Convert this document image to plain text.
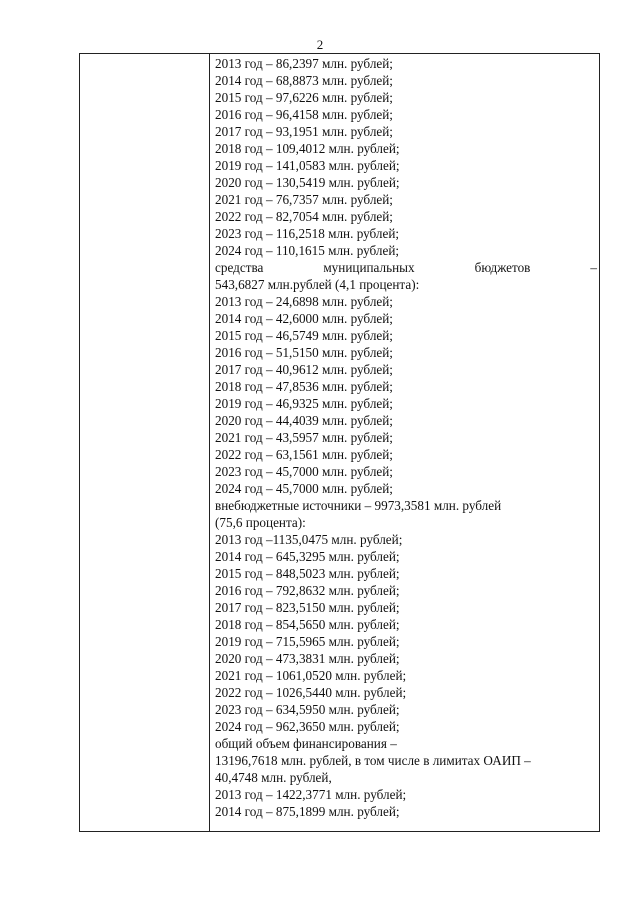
2
2013 год – 86,2397 млн. рублей;
2014 год – 68,8873 млн. рублей;
2015 год – 97,6226 млн. рублей;
2016 год – 96,4158 млн. рублей;
2017 год – 93,1951 млн. рублей;
2018 год – 109,4012 млн. рублей;
2019 год – 141,0583 млн. рублей;
2020 год – 130,5419 млн. рублей;
2021 год – 76,7357 млн. рублей;
2022 год – 82,7054 млн. рублей;
2023 год – 116,2518 млн. рублей;
2024 год – 110,1615 млн. рублей;
средства	муниципальных	бюджетов	–
543,6827 млн.рублей (4,1 процента):
2013 год – 24,6898 млн. рублей;
2014 год – 42,6000 млн. рублей;
2015 год – 46,5749 млн. рублей;
2016 год – 51,5150 млн. рублей;
2017 год – 40,9612 млн. рублей;
2018 год – 47,8536 млн. рублей;
2019 год – 46,9325 млн. рублей;
2020 год – 44,4039 млн. рублей;
2021 год – 43,5957 млн. рублей;
2022 год – 63,1561 млн. рублей;
2023 год – 45,7000 млн. рублей;
2024 год – 45,7000 млн. рублей;
внебюджетные источники – 9973,3581 млн. рублей
(75,6 процента):
2013 год –1135,0475 млн. рублей;
2014 год – 645,3295 млн. рублей;
2015 год – 848,5023 млн. рублей;
2016 год – 792,8632 млн. рублей;
2017 год – 823,5150 млн. рублей;
2018 год – 854,5650 млн. рублей;
2019 год – 715,5965 млн. рублей;
2020 год – 473,3831 млн. рублей;
2021 год – 1061,0520 млн. рублей;
2022 год – 1026,5440 млн. рублей;
2023 год – 634,5950 млн. рублей;
2024 год – 962,3650 млн. рублей;
общий объем финансирования –
13196,7618 млн. рублей, в том числе в лимитах ОАИП –
40,4748 млн. рублей,
2013 год – 1422,3771 млн. рублей;
2014 год – 875,1899 млн. рублей;
